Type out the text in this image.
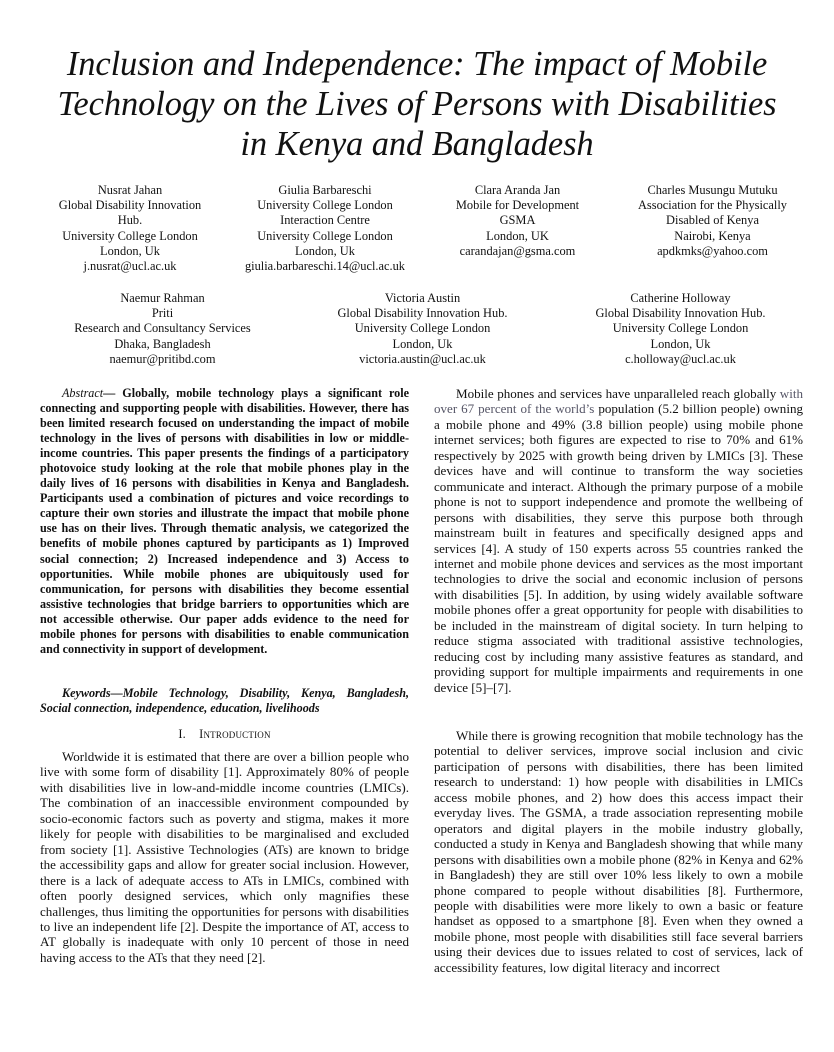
Inclusion and Independence: The impact of Mobile
Technology on the Lives of Persons with Disabilities
in Kenya and Bangladesh
Nusrat Jahan
Global Disability Innovation
Hub.
University College London
London, Uk
j.nusrat@ucl.ac.uk
Giulia Barbareschi
University College London
Interaction Centre
University College London
London, Uk
giulia.barbareschi.14@ucl.ac.uk
Clara Aranda Jan
Mobile for Development
GSMA
London, UK
carandajan@gsma.com
Charles Musungu Mutuku
Association for the Physically
Disabled of Kenya
Nairobi, Kenya
apdkmks@yahoo.com
Naemur Rahman
Priti
Research and Consultancy Services
Dhaka, Bangladesh
naemur@pritibd.com
Victoria Austin
Global Disability Innovation Hub.
University College London
London, Uk
victoria.austin@ucl.ac.uk
Catherine Holloway
Global Disability Innovation Hub.
University College London
London, Uk
c.holloway@ucl.ac.uk
Abstract— Globally, mobile technology plays a significant role connecting and supporting people with disabilities. However, there has been limited research focused on understanding the impact of mobile technology in the lives of persons with disabilities in low or middle- income countries. This paper presents the findings of a participatory photovoice study looking at the role that mobile phones play in the daily lives of 16 persons with disabilities in Kenya and Bangladesh. Participants used a combination of pictures and voice recordings to capture their own stories and illustrate the impact that mobile phone use has on their lives. Through thematic analysis, we categorized the benefits of mobile phones captured by participants as 1) Improved social connection; 2) Increased independence and 3) Access to opportunities. While mobile phones are ubiquitously used for communication, for persons with disabilities they become essential assistive technologies that bridge barriers to opportunities which are not accessible otherwise. Our paper adds evidence to the need for mobile phones for persons with disabilities to enable communication and connectivity in support of development.
Keywords—Mobile Technology, Disability, Kenya, Bangladesh, Social connection, independence, education, livelihoods
I. Introduction
Worldwide it is estimated that there are over a billion people who live with some form of disability [1]. Approximately 80% of people with disabilities live in low-and-middle income countries (LMICs). The combination of an inaccessible environment compounded by socio-economic factors such as poverty and stigma, makes it more likely for people with disabilities to be marginalised and excluded from society [1]. Assistive Technologies (ATs) are known to bridge the accessibility gaps and allow for greater social inclusion. However, there is a lack of adequate access to ATs in LMICs, combined with often poorly designed services, which only magnifies these challenges, thus limiting the opportunities for persons with disabilities to live an independent life [2]. Despite the importance of AT, access to AT globally is inadequate with only 10 percent of those in need having access to the ATs that they need [2].
Mobile phones and services have unparalleled reach globally with over 67 percent of the world’s population (5.2 billion people) owning a mobile phone and 49% (3.8 billion people) using mobile phone internet services; both figures are expected to rise to 70% and 61% respectively by 2025 with growth being driven by LMICs [3]. These devices have and will continue to transform the way societies communicate and interact. Although the primary purpose of a mobile phone is not to support independence and promote the wellbeing of persons with disabilities, they serve this purpose both through mainstream built in features and specifically designed apps and services [4]. A study of 150 experts across 55 countries ranked the internet and mobile phone devices and services as the most important technologies to drive the social and economic inclusion of persons with disabilities [5]. In addition, by using widely available software mobile phones offer a great opportunity for people with disabilities to be included in the mainstream of digital society. In turn helping to reduce stigma associated with traditional assistive technologies, reducing cost by including many assistive features as standard, and providing support for multiple impairments and requirements in one device [5]–[7].
While there is growing recognition that mobile technology has the potential to deliver services, improve social inclusion and civic participation of persons with disabilities, there has been limited research to understand: 1) how people with disabilities in LMICs access mobile phones, and 2) how does this access impact their everyday lives. The GSMA, a trade association representing mobile operators and digital players in the mobile industry globally, conducted a study in Kenya and Bangladesh showing that while many persons with disabilities own a mobile phone (82% in Kenya and 62% in Bangladesh) they are still over 10% less likely to own a mobile phone compared to people without disabilities [8]. Furthermore, people with disabilities were more likely to own a basic or feature handset as opposed to a smartphone [8]. Even when they owned a mobile phone, most people with disabilities still face several barriers using their devices due to issues related to cost of services, lack of accessibility features, low digital literacy and incorrect
